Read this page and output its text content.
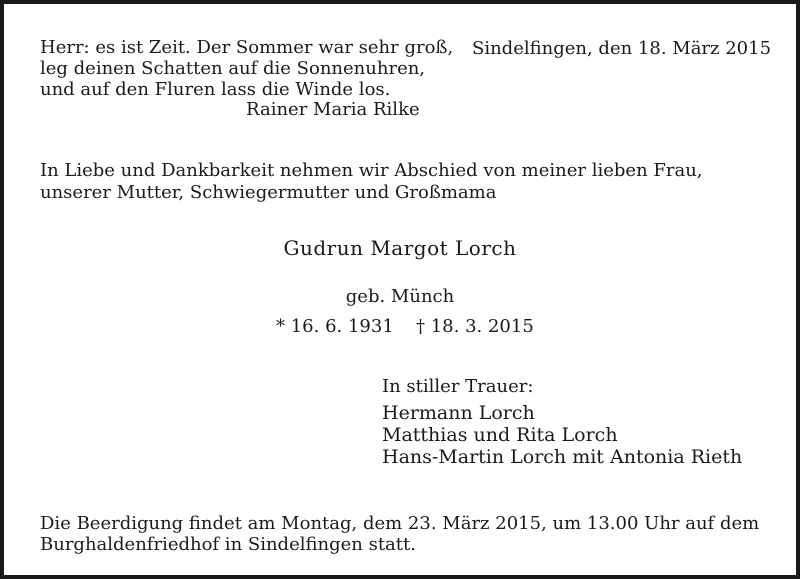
Herr: es ist Zeit. Der Sommer war sehr groß,
leg deinen Schatten auf die Sonnenuhren,
und auf den Fluren lass die Winde los.
Rainer Maria Rilke
Sindelfingen, den 18. März 2015
In Liebe und Dankbarkeit nehmen wir Abschied von meiner lieben Frau,
unserer Mutter, Schwiegermutter und Großmama
Gudrun Margot Lorch
geb. Münch
* 16. 6. 1931 † 18. 3. 2015
In stiller Trauer:
Hermann Lorch
Matthias und Rita Lorch
Hans-Martin Lorch mit Antonia Rieth
Die Beerdigung findet am Montag, dem 23. März 2015, um 13.00 Uhr auf dem
Burghaldenfriedhof in Sindelfingen statt.
